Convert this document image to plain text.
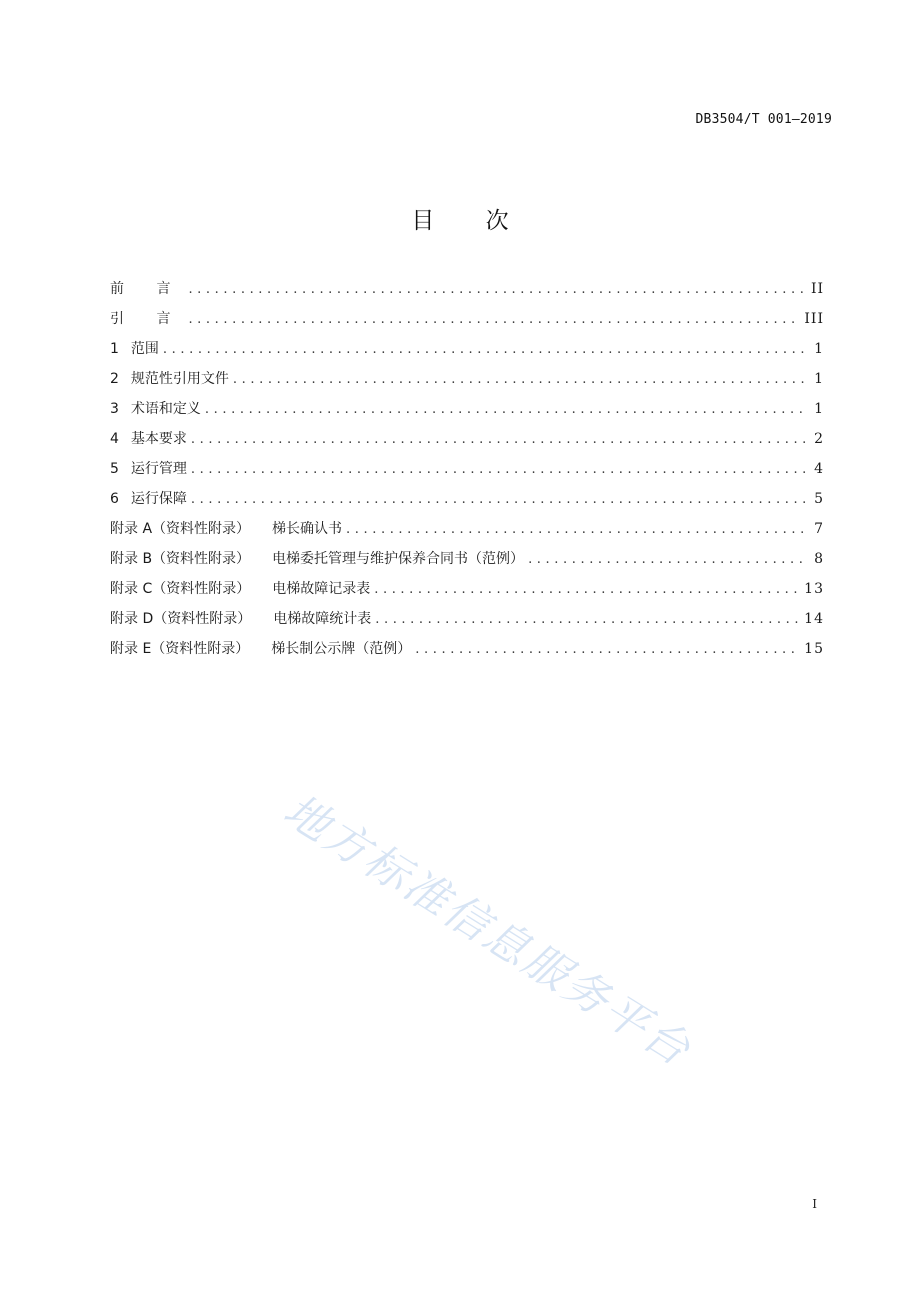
DB3504/T 001—2019
目 次
前 言 .....	II
引 言 .....	III
1 范围 .....	1
2 规范性引用文件 .....	1
3 术语和定义 .....	1
4 基本要求 .....	2
5 运行管理 .....	4
6 运行保障 .....	5
附录 A（资料性附录） 梯长确认书 .....	7
附录 B（资料性附录） 电梯委托管理与维护保养合同书（范例） .....	8
附录 C（资料性附录） 电梯故障记录表 .....	13
附录 D（资料性附录） 电梯故障统计表 .....	14
附录 E（资料性附录） 梯长制公示牌（范例） .....	15
地方标准信息服务平台
I
